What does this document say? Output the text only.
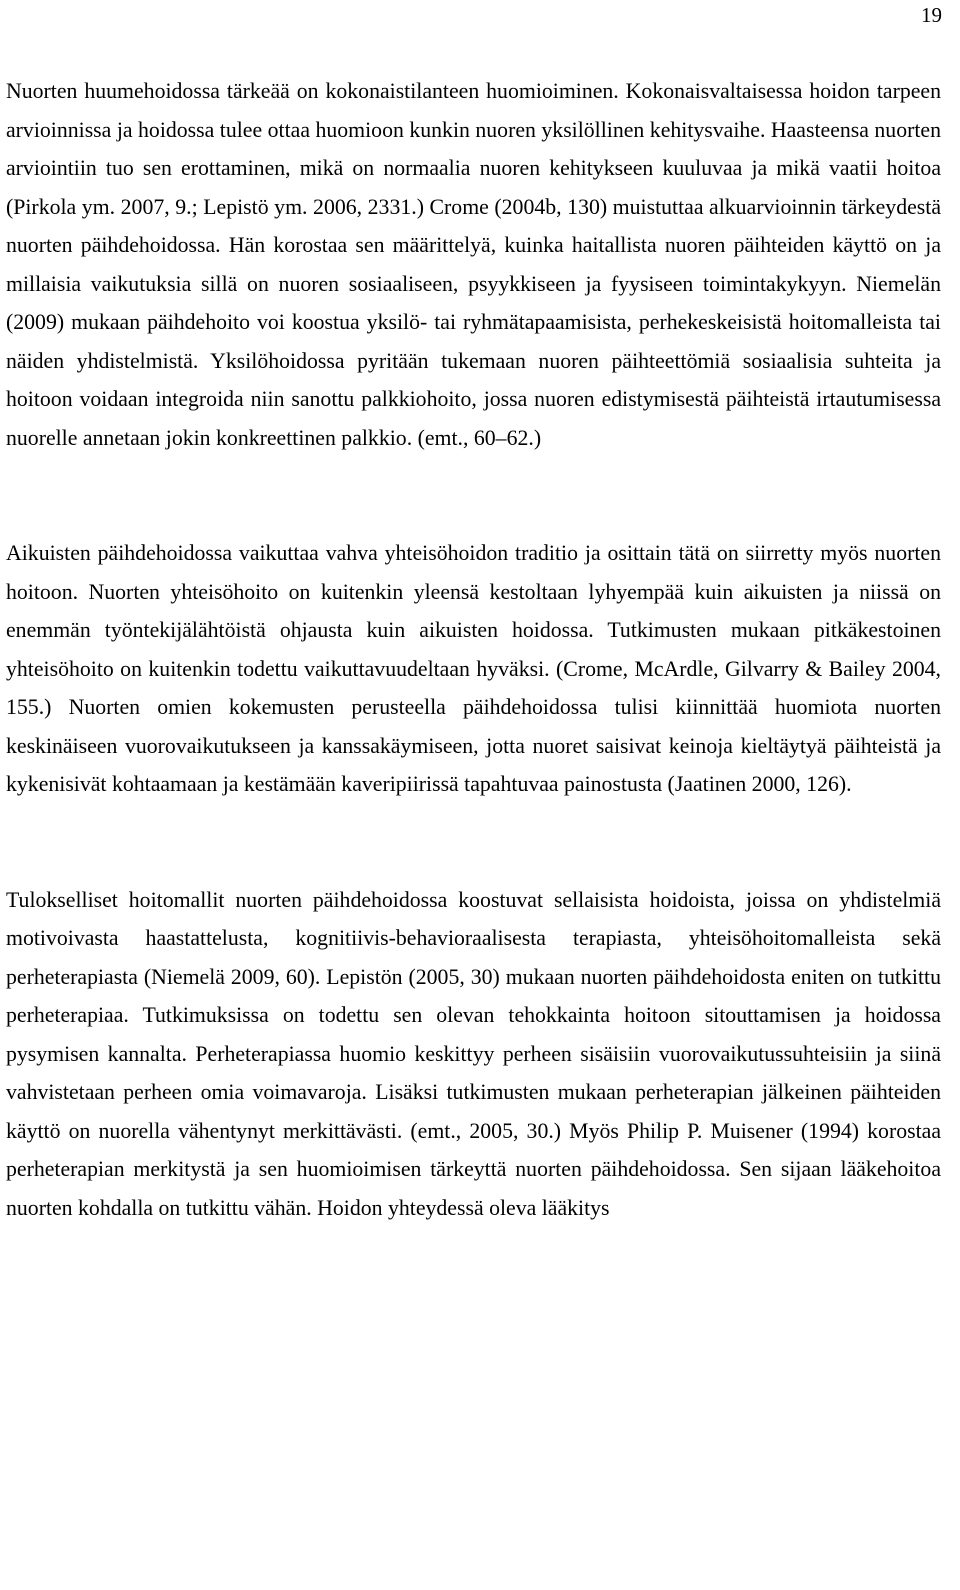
19

Nuorten huumehoidossa tärkeää on kokonaistilanteen huomioiminen. Kokonaisvaltaisessa hoidon tarpeen arvioinnissa ja hoidossa tulee ottaa huomioon kunkin nuoren yksilöllinen kehitysvaihe. Haasteensa nuorten arviointiin tuo sen erottaminen, mikä on normaalia nuoren kehitykseen kuuluvaa ja mikä vaatii hoitoa (Pirkola ym. 2007, 9.; Lepistö ym. 2006, 2331.) Crome (2004b, 130) muistuttaa alkuarvioinnin tärkeydestä nuorten päihdehoidossa. Hän korostaa sen määrittelyä, kuinka haitallista nuoren päihteiden käyttö on ja millaisia vaikutuksia sillä on nuoren sosiaaliseen, psyykkiseen ja fyysiseen toimintakykyyn. Niemelän (2009) mukaan päihdehoito voi koostua yksilö- tai ryhmätapaamisista, perhekeskeisistä hoitomalleista tai näiden yhdistelmistä. Yksilöhoidossa pyritään tukemaan nuoren päihteettömiä sosiaalisia suhteita ja hoitoon voidaan integroida niin sanottu palkkiohoito, jossa nuoren edistymisestä päihteistä irtautumisessa nuorelle annetaan jokin konkreettinen palkkio. (emt., 60–62.)

Aikuisten päihdehoidossa vaikuttaa vahva yhteisöhoidon traditio ja osittain tätä on siirretty myös nuorten hoitoon. Nuorten yhteisöhoito on kuitenkin yleensä kestoltaan lyhyempää kuin aikuisten ja niissä on enemmän työntekijälähtöistä ohjausta kuin aikuisten hoidossa. Tutkimusten mukaan pitkäkestoinen yhteisöhoito on kuitenkin todettu vaikuttavuudeltaan hyväksi. (Crome, McArdle, Gilvarry & Bailey 2004, 155.) Nuorten omien kokemusten perusteella päihdehoidossa tulisi kiinnittää huomiota nuorten keskinäiseen vuorovaikutukseen ja kanssakäymiseen, jotta nuoret saisivat keinoja kieltäytyä päihteistä ja kykenisivät kohtaamaan ja kestämään kaveripiirissä tapahtuvaa painostusta (Jaatinen 2000, 126).

Tulokselliset hoitomallit nuorten päihdehoidossa koostuvat sellaisista hoidoista, joissa on yhdistelmiä motivoivasta haastattelusta, kognitiivis-behavioraalisesta terapiasta, yhteisöhoitomalleista sekä perheterapiasta (Niemelä 2009, 60). Lepistön (2005, 30) mukaan nuorten päihdehoidosta eniten on tutkittu perheterapiaa. Tutkimuksissa on todettu sen olevan tehokkainta hoitoon sitouttamisen ja hoidossa pysymisen kannalta. Perheterapiassa huomio keskittyy perheen sisäisiin vuorovaikutussuhteisiin ja siinä vahvistetaan perheen omia voimavaroja. Lisäksi tutkimusten mukaan perheterapian jälkeinen päihteiden käyttö on nuorella vähentynyt merkittävästi. (emt., 2005, 30.) Myös Philip P. Muisener (1994) korostaa perheterapian merkitystä ja sen huomioimisen tärkeyttä nuorten päihdehoidossa. Sen sijaan lääkehoitoa nuorten kohdalla on tutkittu vähän. Hoidon yhteydessä oleva lääkitys
